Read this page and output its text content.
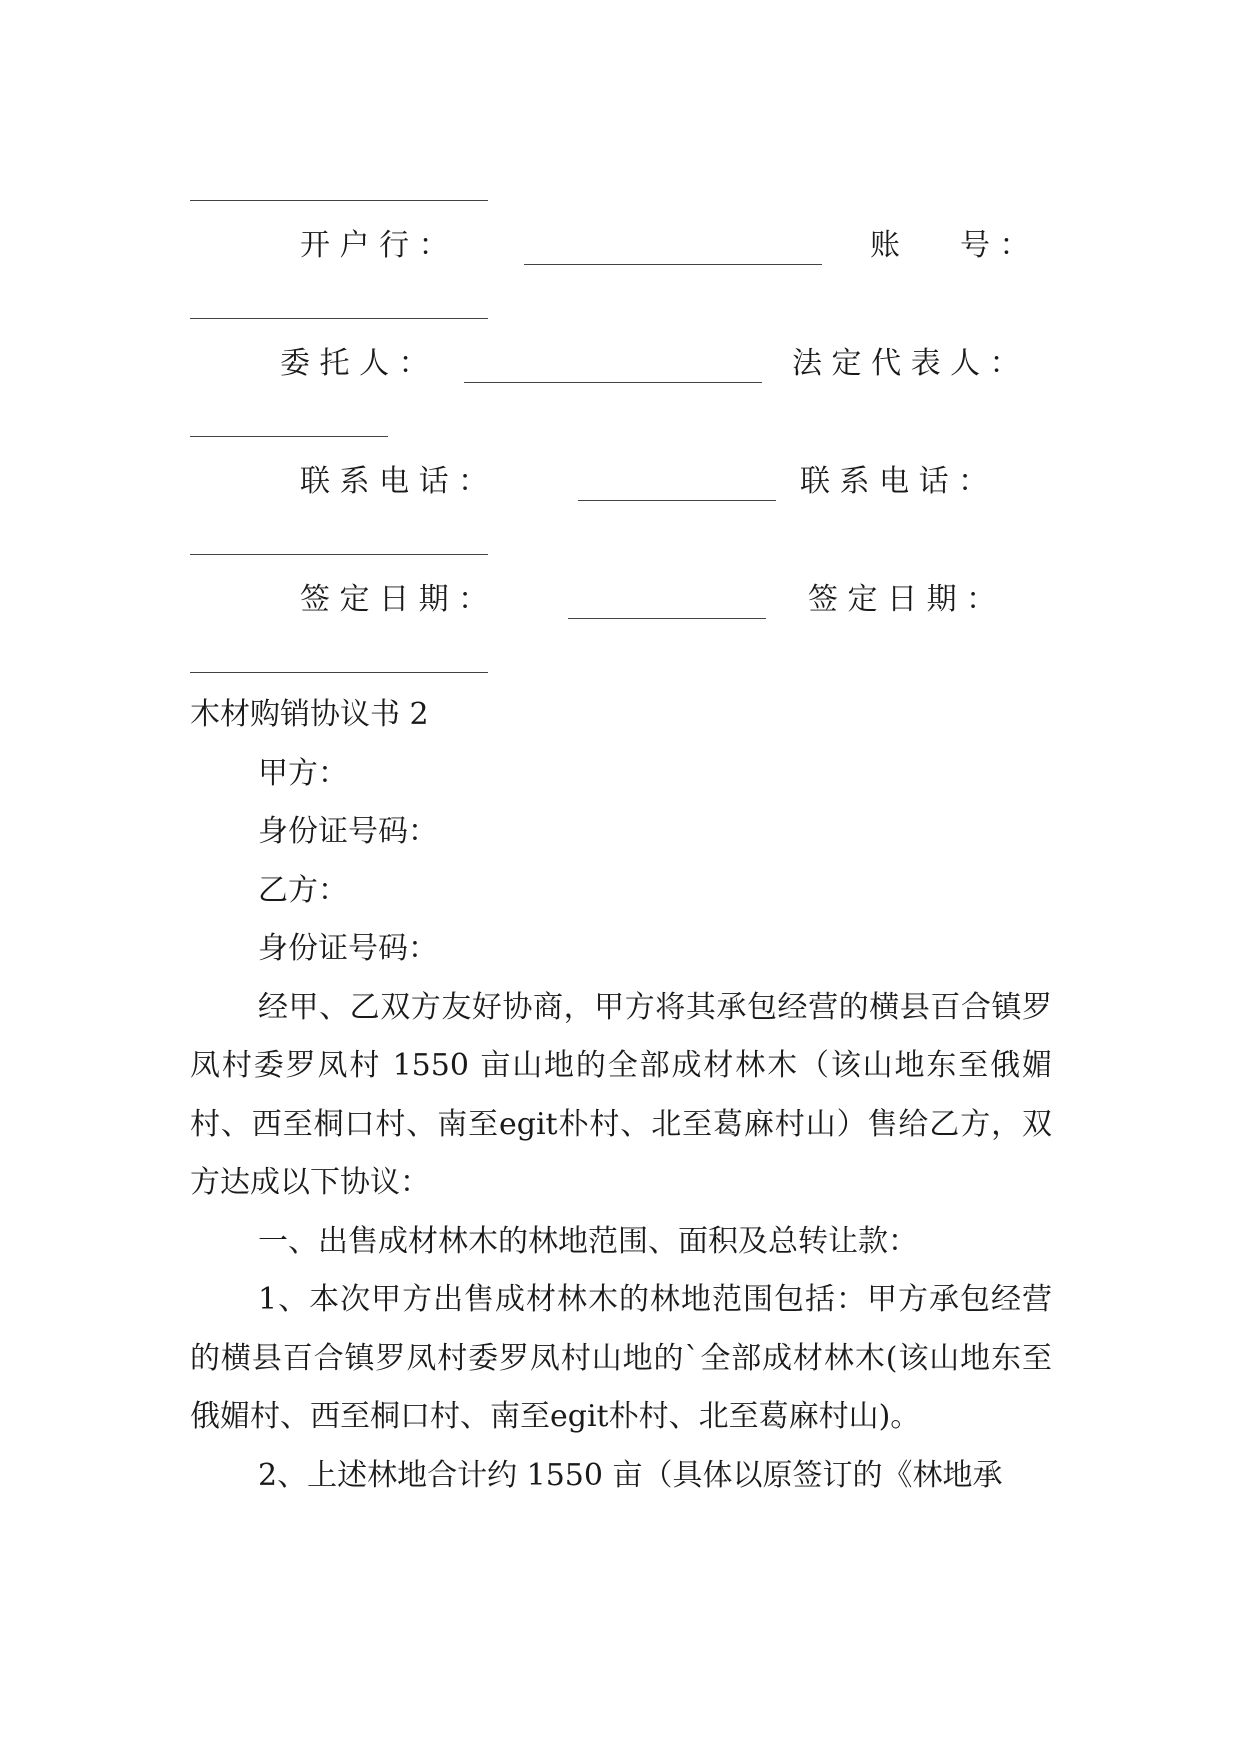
开 户 行 ：	账　　号 ：
委 托 人 ：	法 定 代 表 人 ：
联 系 电 话 ：	联 系 电 话 ：
签 定 日 期 ：	签 定 日 期 ：

木材购销协议书 2

甲方：

身份证号码：

乙方：

身份证号码：

经甲、乙双方友好协商，甲方将其承包经营的横县百合镇罗凤村委罗凤村 1550 亩山地的全部成材林木（该山地东至俄媚村、西至桐口村、南至egit朴村、北至葛麻村山）售给乙方，双方达成以下协议：

一、出售成材林木的林地范围、面积及总转让款：

1、本次甲方出售成材林木的林地范围包括：甲方承包经营的横县百合镇罗凤村委罗凤村山地的`全部成材林木(该山地东至俄媚村、西至桐口村、南至egit朴村、北至葛麻村山)。

2、上述林地合计约 1550 亩（具体以原签订的《林地承
